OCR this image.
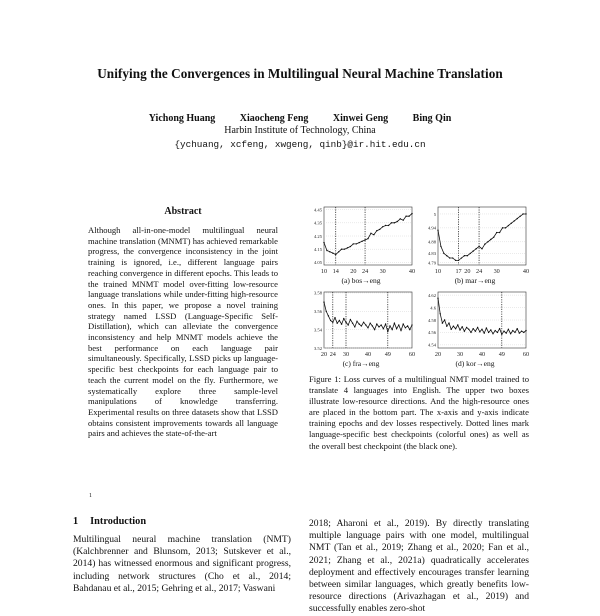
Unifying the Convergences in Multilingual Neural Machine Translation
Yichong Huang Xiaocheng Feng Xinwei Geng Bing Qin
Harbin Institute of Technology, China
{ychuang, xcfeng, xwgeng, qinb}@ir.hit.edu.cn
Abstract

Although all-in-one-model multilingual neural machine translation (MNMT) has achieved remarkable progress, the convergence inconsistency in the joint training is ignored, i.e., different language pairs reaching convergence in different epochs. This leads to the trained MNMT model over-fitting low-resource language translations while under-fitting high-resource ones. In this paper, we propose a novel training strategy named LSSD (Language-Specific Self-Distillation), which can alleviate the convergence inconsistency and help MNMT models achieve the best performance on each language pair simultaneously. Specifically, LSSD picks up language-specific best checkpoints for each language pair to teach the current model on the fly. Furthermore, we systematically explore three sample-level manipulations of knowledge transferring. Experimental results on three datasets show that LSSD obtains consistent improvements towards all language pairs and achieves the state-of-the-art

1
1 Introduction

Multilingual neural machine translation (NMT) (Kalchbrenner and Blunsom, 2013; Sutskever et al., 2014) has witnessed enormous and significant progress, including network structures (Cho et al., 2014; Bahdanau et al., 2015; Gehring et al., 2017; Vaswani

4.05
4.15
4.25
4.35
4.45
10 14 20 24 30	40
(a) bos→eng
4.79
4.83
4.88
4.94
5
10 17 20 24 30	40
(b) mar→eng
3.52
3.54
3.56
3.58
20 24 30	40 49	60
(c) fra→eng
4.54
4.56
4.58
4.6
4.62
20	30	40 49	60
(d) kor→eng
Figure 1: Loss curves of a multilingual NMT model trained to translate 4 languages into English. The upper two boxes illustrate low-resource directions. And the high-resource ones are placed in the bottom part. The x-axis and y-axis indicate training epochs and dev losses respectively. Dotted lines mark language-specific best checkpoints (colorful ones) as well as the overall best checkpoint (the black one).

2018; Aharoni et al., 2019). By directly translating multiple language pairs with one model, multilingual NMT (Tan et al., 2019; Zhang et al., 2020; Fan et al., 2021; Zhang et al., 2021a) quadratically accelerates deployment and effectively encourages transfer learning between similar languages, which greatly benefits low-resource directions (Arivazhagan et al., 2019) and successfully enables zero-shot
